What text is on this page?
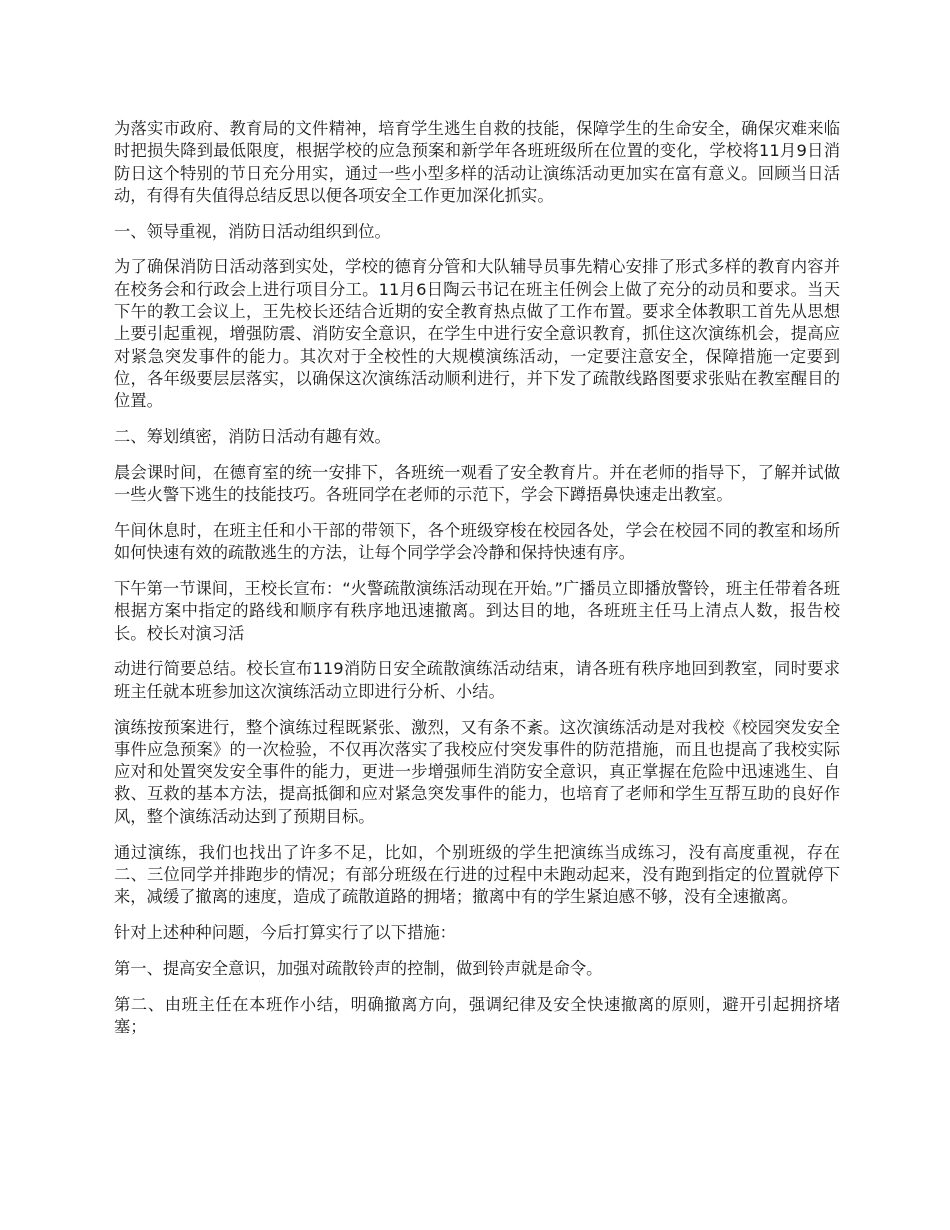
为落实市政府、教育局的文件精神，培育学生逃生自救的技能，保障学生的生命安全，确保灾难来临时把损失降到最低限度，根据学校的应急预案和新学年各班班级所在位置的变化，学校将11月9日消防日这个特别的节日充分用实，通过一些小型多样的活动让演练活动更加实在富有意义。回顾当日活动，有得有失值得总结反思以便各项安全工作更加深化抓实。

一、领导重视，消防日活动组织到位。

为了确保消防日活动落到实处，学校的德育分管和大队辅导员事先精心安排了形式多样的教育内容并在校务会和行政会上进行项目分工。11月6日陶云书记在班主任例会上做了充分的动员和要求。当天下午的教工会议上，王先校长还结合近期的安全教育热点做了工作布置。要求全体教职工首先从思想上要引起重视，增强防震、消防安全意识，在学生中进行安全意识教育，抓住这次演练机会，提高应对紧急突发事件的能力。其次对于全校性的大规模演练活动，一定要注意安全，保障措施一定要到位，各年级要层层落实，以确保这次演练活动顺利进行，并下发了疏散线路图要求张贴在教室醒目的位置。

二、筹划缜密，消防日活动有趣有效。

晨会课时间，在德育室的统一安排下，各班统一观看了安全教育片。并在老师的指导下，了解并试做一些火警下逃生的技能技巧。各班同学在老师的示范下，学会下蹲捂鼻快速走出教室。

午间休息时，在班主任和小干部的带领下，各个班级穿梭在校园各处，学会在校园不同的教室和场所如何快速有效的疏散逃生的方法，让每个同学学会冷静和保持快速有序。

下午第一节课间，王校长宣布：“火警疏散演练活动现在开始。”广播员立即播放警铃，班主任带着各班根据方案中指定的路线和顺序有秩序地迅速撤离。到达目的地，各班班主任马上清点人数，报告校长。校长对演习活

动进行简要总结。校长宣布119消防日安全疏散演练活动结束，请各班有秩序地回到教室，同时要求班主任就本班参加这次演练活动立即进行分析、小结。

演练按预案进行，整个演练过程既紧张、激烈，又有条不紊。这次演练活动是对我校《校园突发安全事件应急预案》的一次检验，不仅再次落实了我校应付突发事件的防范措施，而且也提高了我校实际应对和处置突发安全事件的能力，更进一步增强师生消防安全意识，真正掌握在危险中迅速逃生、自救、互救的基本方法，提高抵御和应对紧急突发事件的能力，也培育了老师和学生互帮互助的良好作风，整个演练活动达到了预期目标。

通过演练，我们也找出了许多不足，比如，个别班级的学生把演练当成练习，没有高度重视，存在二、三位同学并排跑步的情况；有部分班级在行进的过程中未跑动起来，没有跑到指定的位置就停下来，减缓了撤离的速度，造成了疏散道路的拥堵；撤离中有的学生紧迫感不够，没有全速撤离。

针对上述种种问题，今后打算实行了以下措施：

第一、提高安全意识，加强对疏散铃声的控制，做到铃声就是命令。

第二、由班主任在本班作小结，明确撤离方向，强调纪律及安全快速撤离的原则，避开引起拥挤堵塞；
